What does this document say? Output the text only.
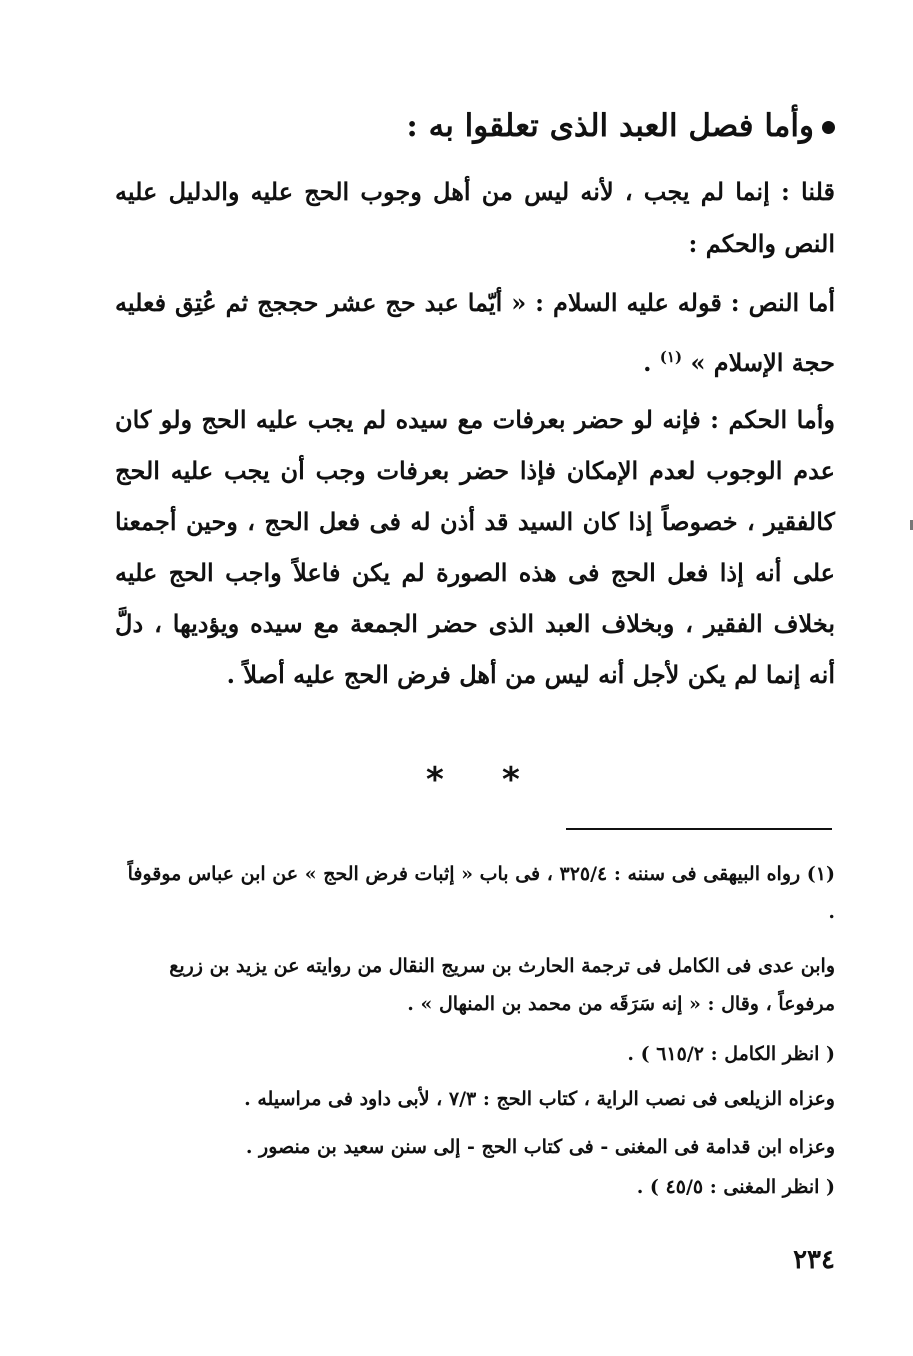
وأما فصل العبد الذى تعلقوا به :
قلنا : إنما لم يجب ، لأنه ليس من أهل وجوب الحج عليه والدليل عليه النص والحكم :
أما النص : قوله عليه السلام : « أيّما عبد حج عشر حججج ثم عُتِق فعليه حجة الإسلام » $^{(١)}$ .
وأما الحكم : فإنه لو حضر بعرفات مع سيده لم يجب عليه الحج ولو كان عدم الوجوب لعدم الإمكان فإذا حضر بعرفات وجب أن يجب عليه الحج كالفقير ، خصوصاً إذا كان السيد قد أذن له فى فعل الحج ، وحين أجمعنا على أنه إذا فعل الحج فى هذه الصورة لم يكن فاعلاً واجب الحج عليه بخلاف الفقير ، وبخلاف العبد الذى حضر الجمعة مع سيده ويؤديها ، دلَّ أنه إنما لم يكن لأجل أنه ليس من أهل فرض الحج عليه أصلاً .
* *
(١) رواه البيهقى فى سننه : ٣٢٥/٤ ، فى باب « إثبات فرض الحج » عن ابن عباس موقوفاً .
وابن عدى فى الكامل فى ترجمة الحارث بن سريج النقال من روايته عن يزيد بن زريع مرفوعاً ، وقال : « إنه سَرَقَه من محمد بن المنهال » .
( انظر الكامل : ٦١٥/٢ ) .
وعزاه الزيلعى فى نصب الراية ، كتاب الحج : ٧/٣ ، لأبى داود فى مراسيله .
وعزاه ابن قدامة فى المغنى - فى كتاب الحج - إلى سنن سعيد بن منصور .
( انظر المغنى : ٤٥/٥ ) .
٢٣٤
